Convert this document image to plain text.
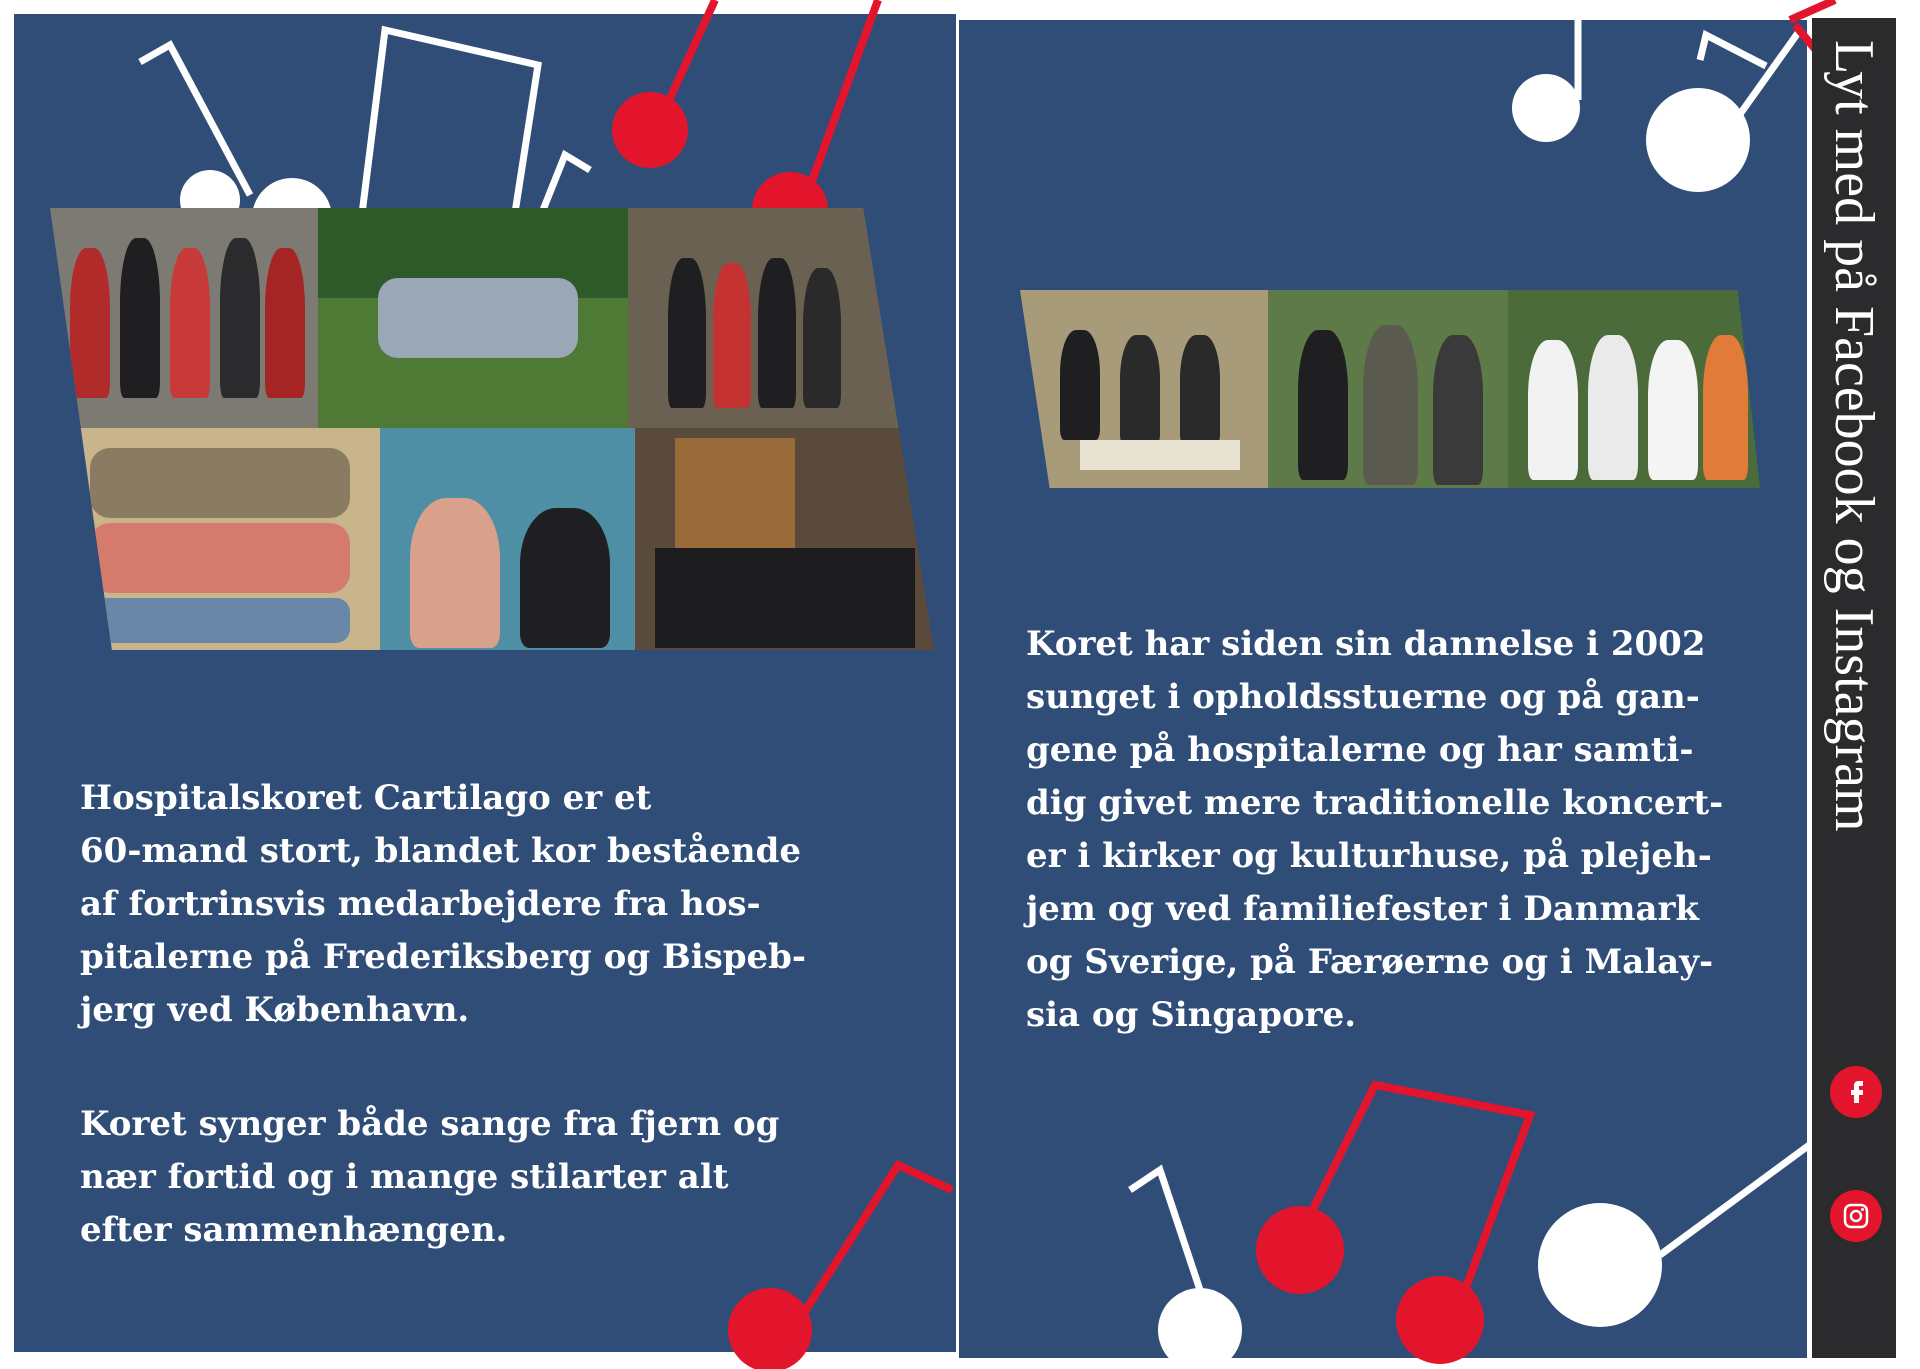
Hospitalskoret Cartilago er et
60-mand stort, blandet kor bestående
af fortrinsvis medarbejdere fra hos-
pitalerne på Frederiksberg og Bispeb-
jerg ved København.

Koret synger både sange fra fjern og
nær fortid og i mange stilarter alt
efter sammenhængen.

Koret har siden sin dannelse i 2002
sunget i opholdsstuerne og på gan-
gene på hospitalerne og har samti-
dig givet mere traditionelle koncert-
er i kirker og kulturhuse, på plejeh-
jem og ved familiefester i Danmark
og Sverige, på Færøerne og i Malay-
sia og Singapore.

Lyt med på Facebook og Instagram
